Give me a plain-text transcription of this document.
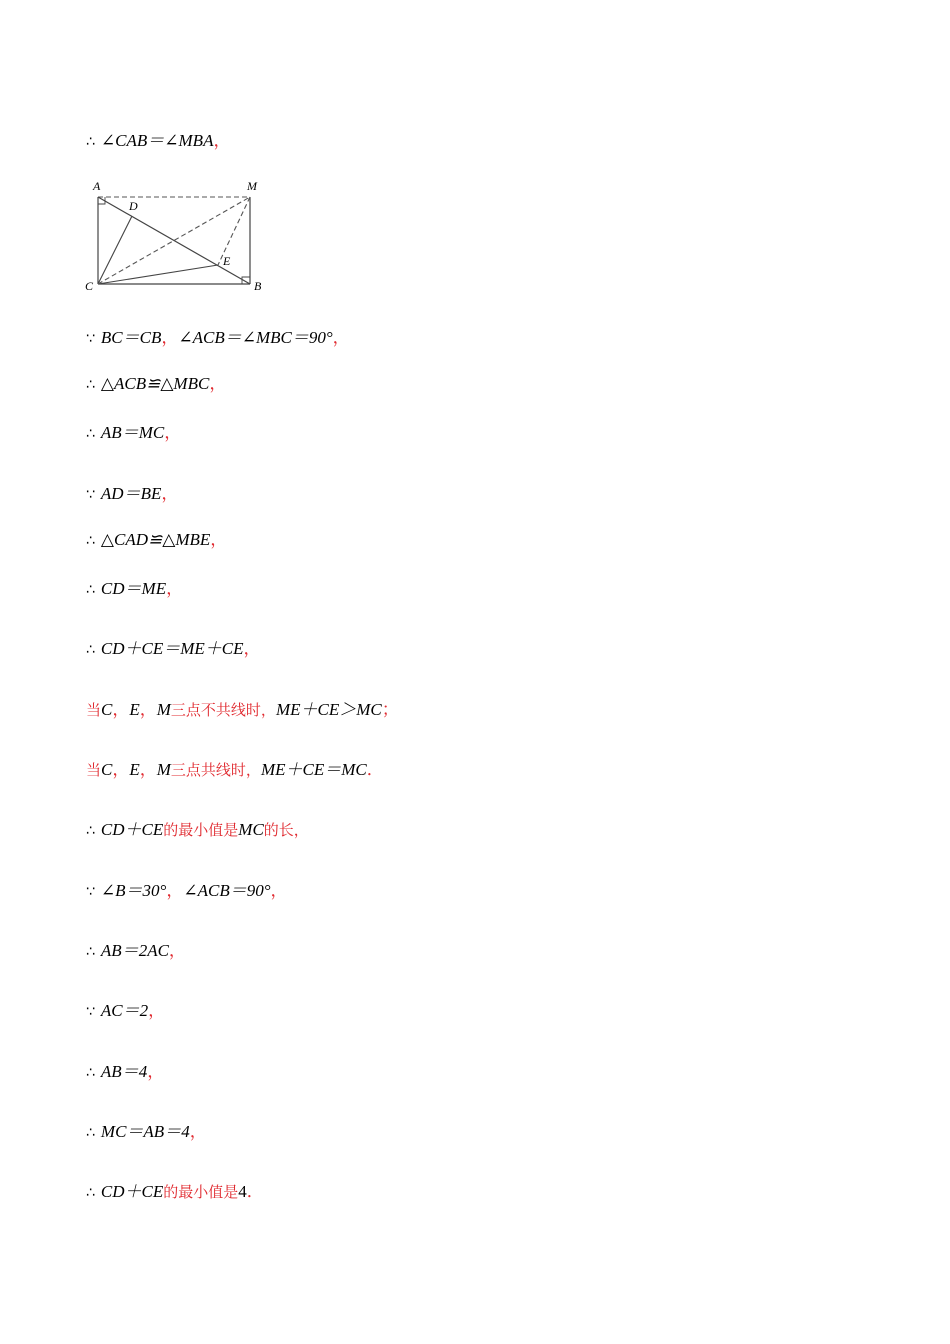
∴ ∠CAB＝∠MBA，
A	M
D
E
C	B
∵ BC＝CB，∠ACB＝∠MBC＝90°，
∴ △ACB≌△MBC，
∴ AB＝MC，
∵ AD＝BE，
∴ △CAD≌△MBE，
∴ CD＝ME，
∴ CD＋CE＝ME＋CE，
当C，E，M三点不共线时，ME＋CE＞MC；
当C，E，M三点共线时，ME＋CE＝MC．
∴ CD＋CE的最小值是MC的长，
∵ ∠B＝30°，∠ACB＝90°，
∴ AB＝2AC，
∵ AC＝2，
∴ AB＝4，
∴ MC＝AB＝4，
∴ CD＋CE的最小值是4．
